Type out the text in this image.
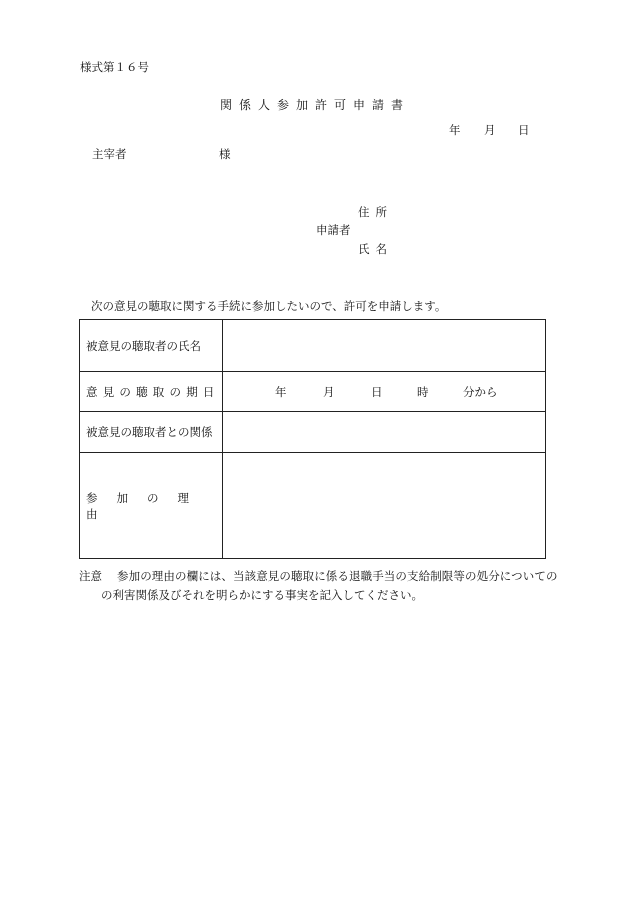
様式第１６号
関係人参加許可申請書
年 月 日
主宰者	様
住所
申請者
氏名
次の意見の聴取に関する手続に参加したいので、許可を申請します。
被意見の聴取者の氏名	
意見の聴取の期日	年 月 日 時 分から

被意見の聴取者との関係	
参加の理由	
注意 参加の理由の欄には、当該意見の聴取に係る退職手当の支給制限等の処分についての
の利害関係及びそれを明らかにする事実を記入してください。
